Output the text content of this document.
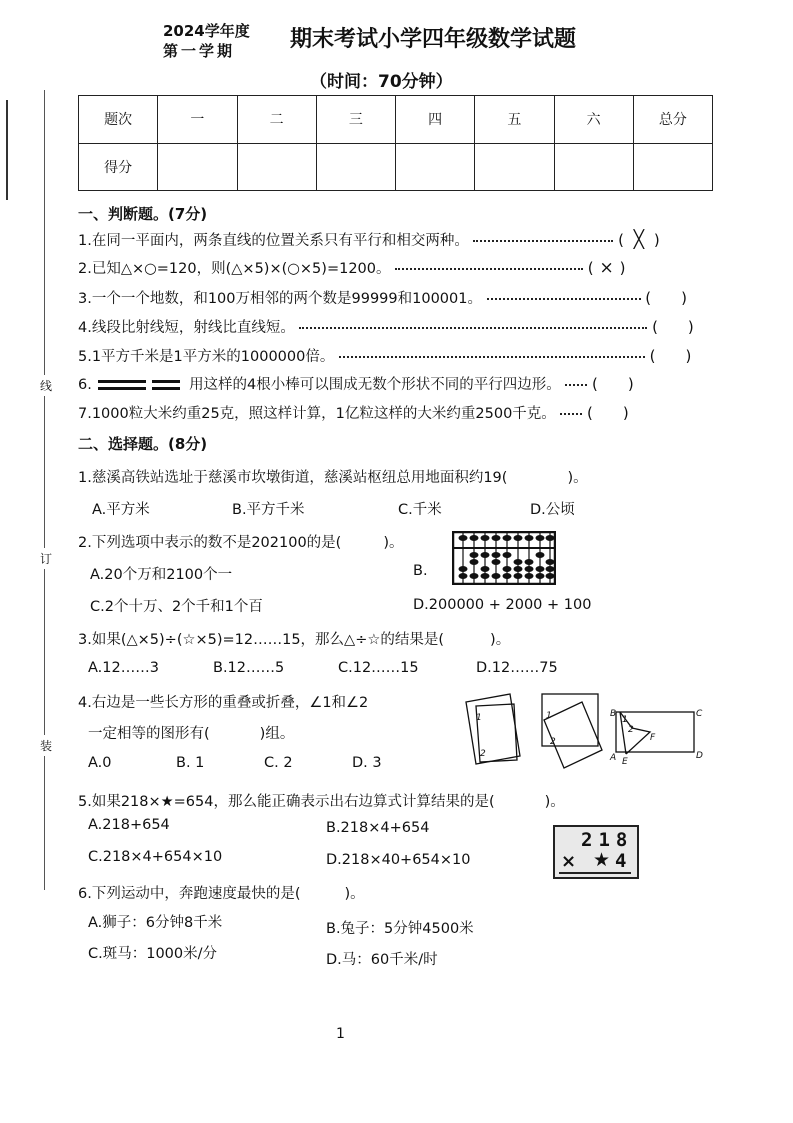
线
订
装
2024学年度
第一学期 期末考试小学四年级数学试题
（时间：70分钟）
题次	一	二	三	四	五	六	总分
得分							
一、判断题。(7分)
1.在同一平面内，两条直线的位置关系只有平行和相交两种。	( ╳ )
2.已知△×○=120，则(△×5)×(○×5)=1200。	( × )
3.一个一个地数，和100万相邻的两个数是99999和100001。	( )
4.线段比射线短，射线比直线短。	( )
5.1平方千米是1平方米的1000000倍。	( )
6.	用这样的4根小棒可以围成无数个形状不同的平行四边形。 ( )
7.1000粒大米约重25克，照这样计算，1亿粒这样的大米约重2500千克。 ( )
二、选择题。(8分)
1.慈溪高铁站选址于慈溪市坎墩街道，慈溪站枢纽总用地面积约19(	)。
A.平方米	B.平方千米	C.千米	D.公顷
2.下列选项中表示的数不是202100的是(	)。
A.20个万和2100个一	B.
C.2个十万、2个千和1个百	D.200000 + 2000 + 100
3.如果(△×5)÷(☆×5)=12……15，那么△÷☆的结果是(	)。
A.12……3	B.12……5	C.12……15	D.12……75
4.右边是一些长方形的重叠或折叠，∠1和∠2
一定相等的图形有(	)组。
A.0	B. 1	C. 2	D. 3
1
2
1
2
B
1
2
F
A E
C
D
5.如果218×★=654，那么能正确表示出右边算式计算结果的是(	)。
A.218+654	B.218×4+654
C.218×4+654×10	D.218×40+654×10
218
× ★ 4
6.下列运动中，奔跑速度最快的是(	)。
A.狮子：6分钟8千米	B.兔子：5分钟4500米
C.斑马：1000米/分	D.马：60千米/时
1
